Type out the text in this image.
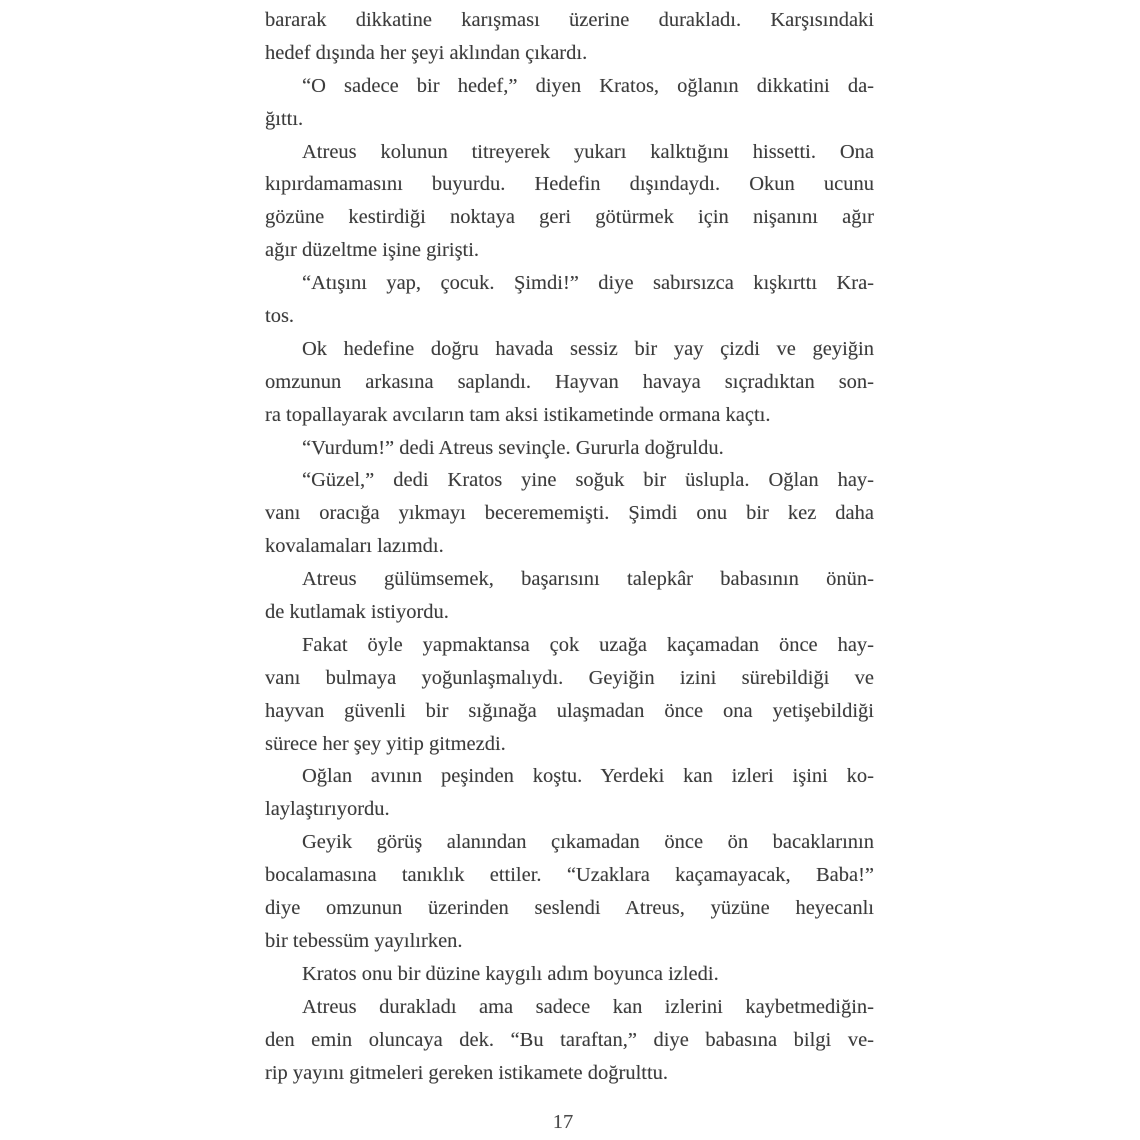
bararak dikkatine karışması üzerine durakladı. Karşısındaki
hedef dışında her şeyi aklından çıkardı.
“O sadece bir hedef,” diyen Kratos, oğlanın dikkatini da-
ğıttı.
Atreus kolunun titreyerek yukarı kalktığını hissetti. Ona
kıpırdamamasını buyurdu. Hedefin dışındaydı. Okun ucunu
gözüne kestirdiği noktaya geri götürmek için nişanını ağır
ağır düzeltme işine girişti.
“Atışını yap, çocuk. Şimdi!” diye sabırsızca kışkırttı Kra-
tos.
Ok hedefine doğru havada sessiz bir yay çizdi ve geyiğin
omzunun arkasına saplandı. Hayvan havaya sıçradıktan son-
ra topallayarak avcıların tam aksi istikametinde ormana kaçtı.
“Vurdum!” dedi Atreus sevinçle. Gururla doğruldu.
“Güzel,” dedi Kratos yine soğuk bir üslupla. Oğlan hay-
vanı oracığa yıkmayı becerememişti. Şimdi onu bir kez daha
kovalamaları lazımdı.
Atreus gülümsemek, başarısını talepkâr babasının önün-
de kutlamak istiyordu.
Fakat öyle yapmaktansa çok uzağa kaçamadan önce hay-
vanı bulmaya yoğunlaşmalıydı. Geyiğin izini sürebildiği ve
hayvan güvenli bir sığınağa ulaşmadan önce ona yetişebildiği
sürece her şey yitip gitmezdi.
Oğlan avının peşinden koştu. Yerdeki kan izleri işini ko-
laylaştırıyordu.
Geyik görüş alanından çıkamadan önce ön bacaklarının
bocalamasına tanıklık ettiler. “Uzaklara kaçamayacak, Baba!”
diye omzunun üzerinden seslendi Atreus, yüzüne heyecanlı
bir tebessüm yayılırken.
Kratos onu bir düzine kaygılı adım boyunca izledi.
Atreus durakladı ama sadece kan izlerini kaybetmediğin-
den emin oluncaya dek. “Bu taraftan,” diye babasına bilgi ve-
rip yayını gitmeleri gereken istikamete doğrulttu.
17
